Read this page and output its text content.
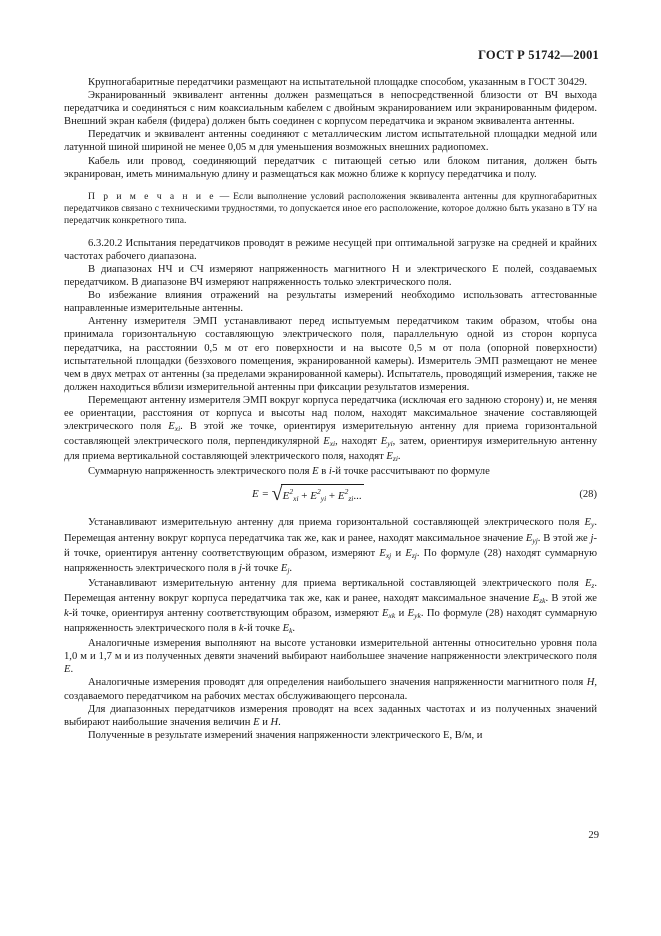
ГОСТ Р 51742—2001

Крупногабаритные передатчики размещают на испытательной площадке способом, указанным в ГОСТ 30429.

Экранированный эквивалент антенны должен размещаться в непосредственной близости от ВЧ выхода передатчика и соединяться с ним коаксиальным кабелем с двойным экранированием или экранированным фидером. Внешний экран кабеля (фидера) должен быть соединен с корпусом передатчика и экраном эквивалента антенны.

Передатчик и эквивалент антенны соединяют с металлическим листом испытательной площадки медной или латунной шиной шириной не менее 0,05 м для уменьшения возможных внешних радиопомех.

Кабель или провод, соединяющий передатчик с питающей сетью или блоком питания, должен быть экранирован, иметь минимальную длину и размещаться как можно ближе к корпусу передатчика и полу.

П р и м е ч а н и е — Если выполнение условий расположения эквивалента антенны для крупногабаритных передатчиков связано с техническими трудностями, то допускается иное его расположение, которое должно быть указано в ТУ на передатчик конкретного типа.

6.3.20.2 Испытания передатчиков проводят в режиме несущей при оптимальной загрузке на средней и крайних частотах рабочего диапазона.

В диапазонах НЧ и СЧ измеряют напряженность магнитного H и электрического E полей, создаваемых передатчиком. В диапазоне ВЧ измеряют напряженность только электрического поля.

Во избежание влияния отражений на результаты измерений необходимо использовать аттестованные направленные измерительные антенны.

Антенну измерителя ЭМП устанавливают перед испытуемым передатчиком таким образом, чтобы она принимала горизонтальную составляющую электрического поля, параллельную одной из сторон корпуса передатчика, на расстоянии 0,5 м от его поверхности и на высоте 0,5 м от пола (опорной поверхности) испытательной площадки (безэхового помещения, экранированной камеры). Измеритель ЭМП размещают не менее чем в двух метрах от антенны (за пределами экранированной камеры). Испытатель, проводящий измерения, также не должен находиться вблизи измерительной антенны при фиксации результатов измерения.

Перемещают антенну измерителя ЭМП вокруг корпуса передатчика (исключая его заднюю сторону) и, не меняя ее ориентации, расстояния от корпуса и высоты над полом, находят максимальное значение составляющей электрического поля $E_{xi}$. В этой же точке, ориентируя измерительную антенну для приема горизонтальной составляющей электрического поля, перпендикулярной $E_{xi}$, находят $E_{yi}$, затем, ориентируя измерительную антенну для приема вертикальной составляющей электрического поля, находят $E_{zi}$.

Суммарную напряженность электрического поля E в i-й точке рассчитывают по формуле

$E = √E^2_{xi} + E^2_{yi} + E^2_{zi}$...	(28)

Устанавливают измерительную антенну для приема горизонтальной составляющей электрического поля $E_y$. Перемещая антенну вокруг корпуса передатчика так же, как и ранее, находят максимальное значение $E_{yj}$. В этой же j-й точке, ориентируя антенну соответствующим образом, измеряют $E_{xj}$ и $E_{zj}$. По формуле (28) находят суммарную напряженность электрического поля в j-й точке $E_j$.

Устанавливают измерительную антенну для приема вертикальной составляющей электрического поля $E_z$. Перемещая антенну вокруг корпуса передатчика так же, как и ранее, находят максимальное значение $E_{zk}$. В этой же k-й точке, ориентируя антенну соответствующим образом, измеряют $E_{xk}$ и $E_{yk}$. По формуле (28) находят суммарную напряженность электрического поля в k-й точке $E_k$.

Аналогичные измерения выполняют на высоте установки измерительной антенны относительно уровня пола 1,0 м и 1,7 м и из полученных девяти значений выбирают наибольшее значение напряженности электрического поля E.

Аналогичные измерения проводят для определения наибольшего значения напряженности магнитного поля H, создаваемого передатчиком на рабочих местах обслуживающего персонала.

Для диапазонных передатчиков измерения проводят на всех заданных частотах и из полученных значений выбирают наибольшие значения величин E и H.

Полученные в результате измерений значения напряженности электрического E, В/м, и

29
